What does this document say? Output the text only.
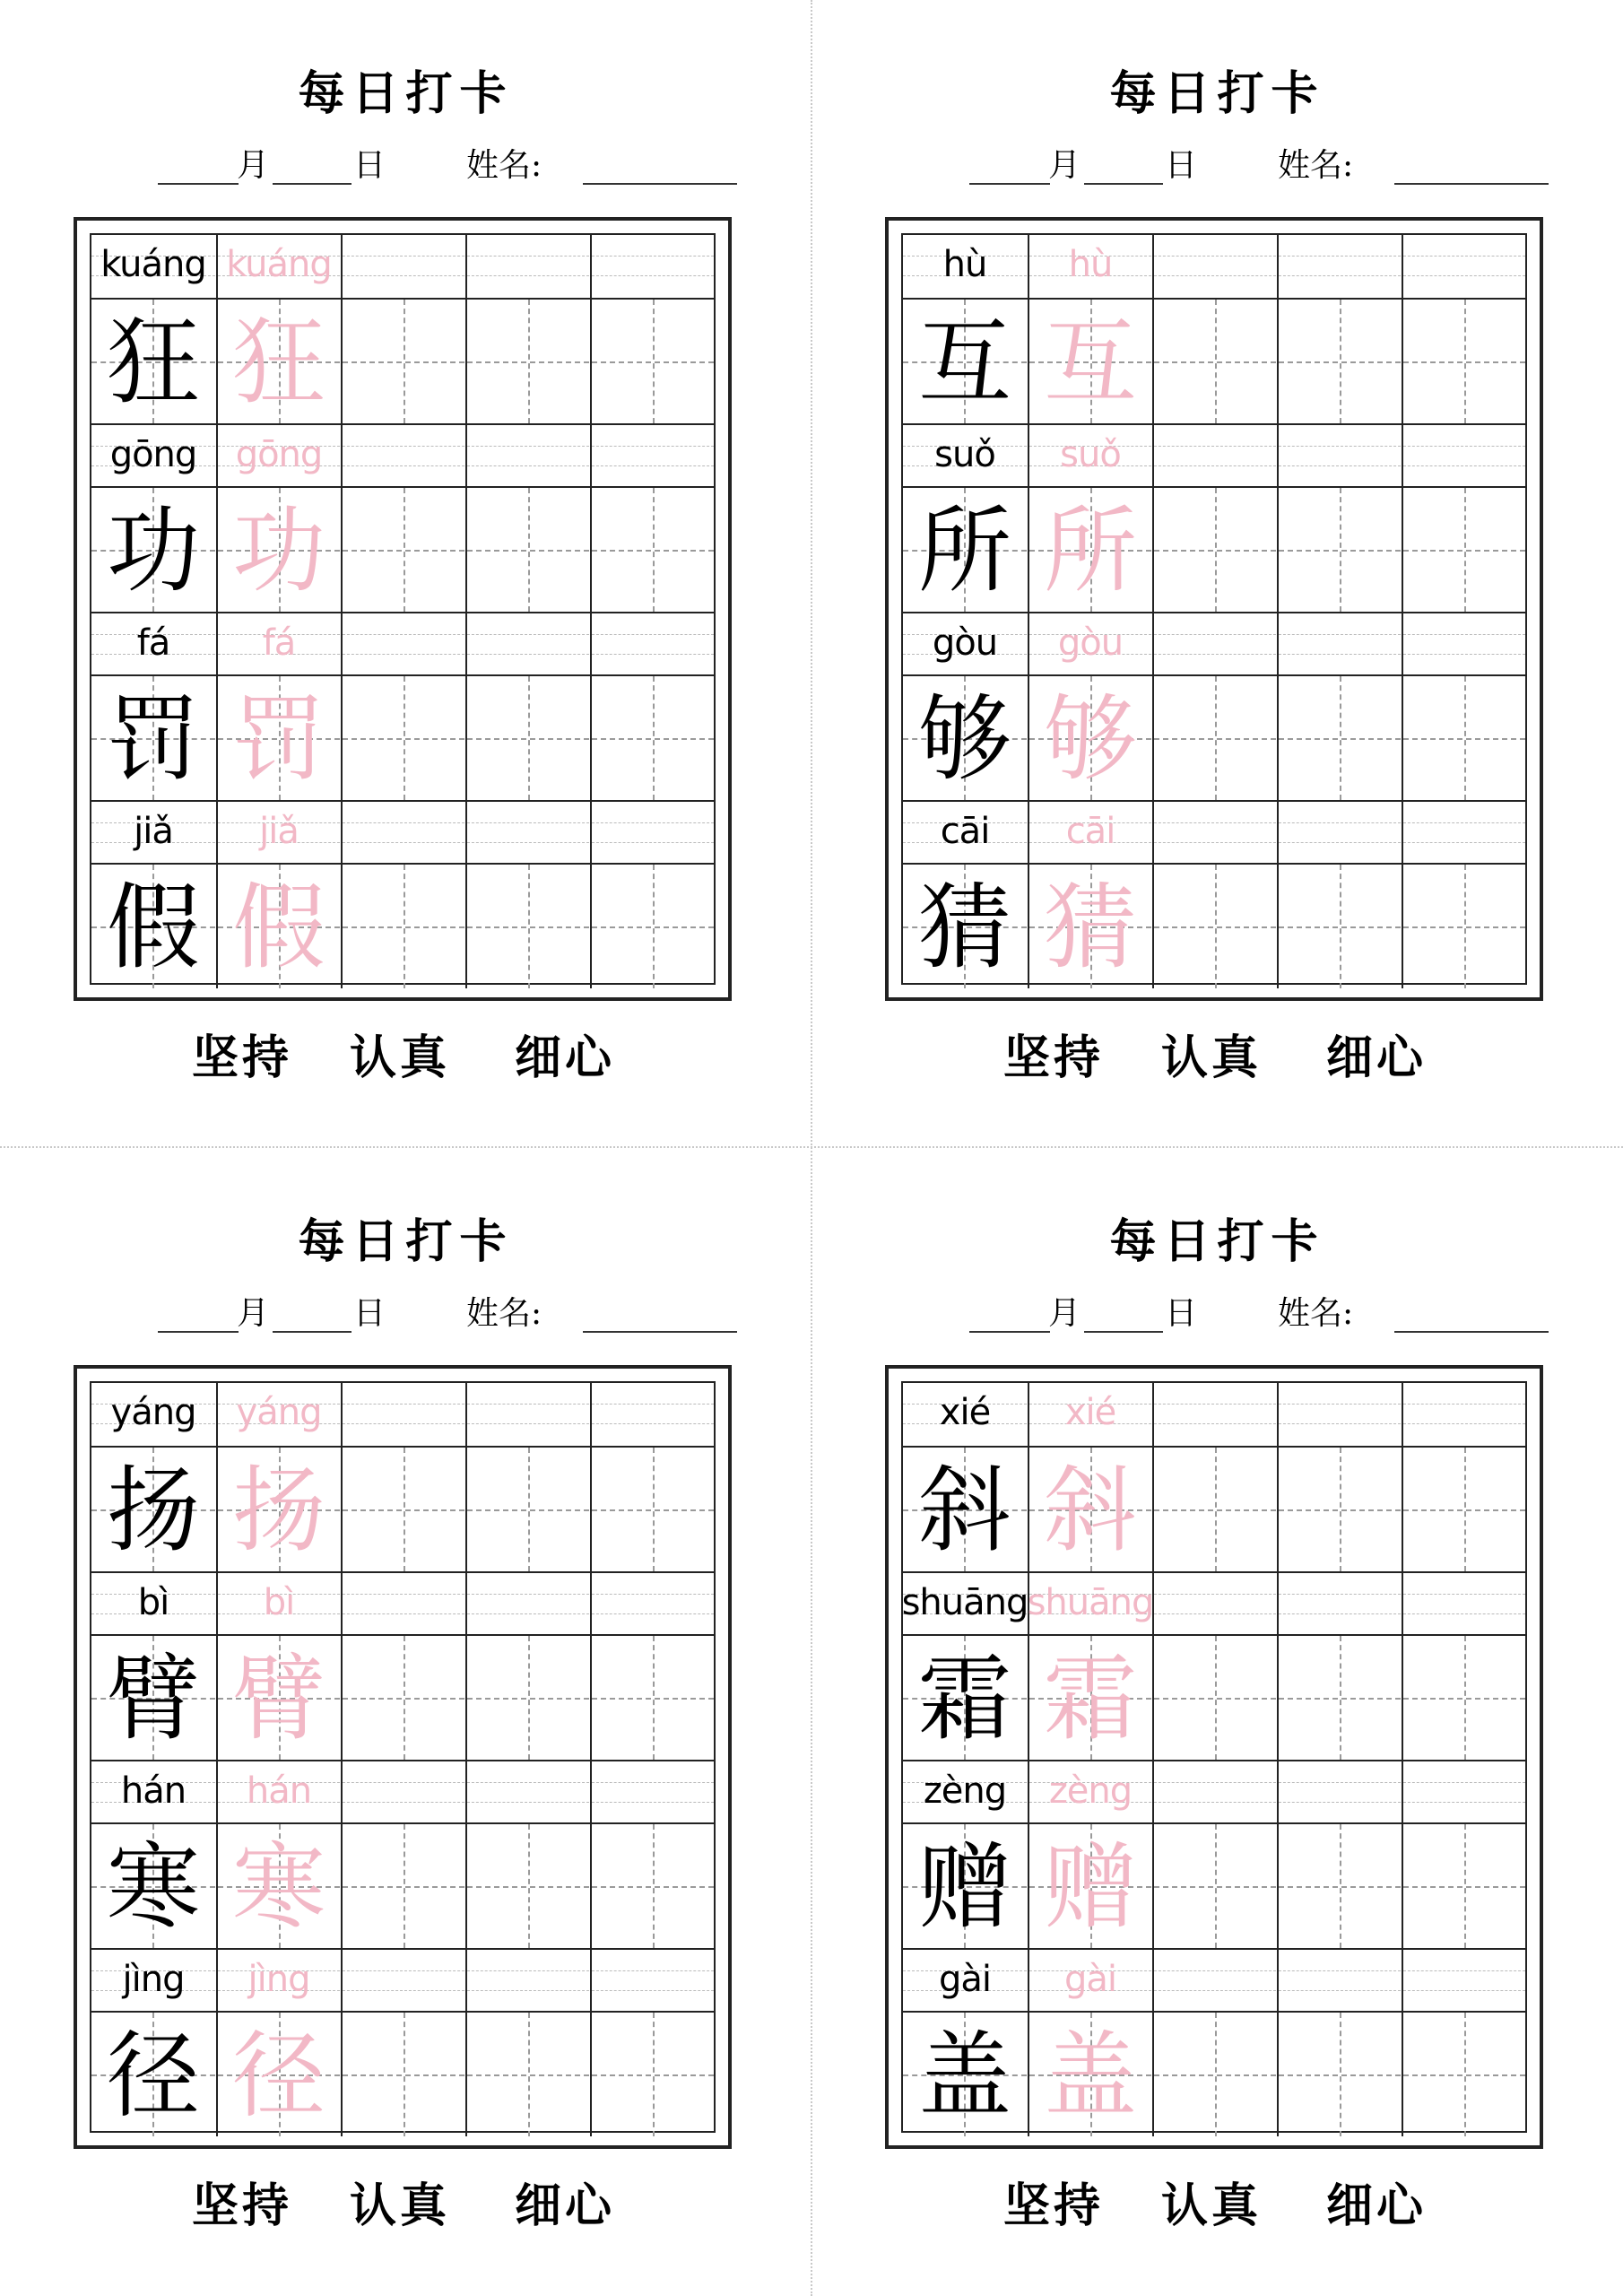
每日打卡
月	日 姓名:
kuáng kuáng
狂 狂
gōng	gōng
功 功
fá	fá
罚 罚
jiǎ	jiǎ
假 假
坚持 认真 细心
每日打卡
月	日 姓名:
hù	hù
互 互
suǒ	suǒ
所 所
gòu	gòu
够 够
cāi	cāi
猜 猜
坚持 认真 细心
每日打卡
月	日 姓名:
yáng	yáng
扬 扬
bì	bì
臂 臂
hán	hán
寒 寒
jìng	jìng
径 径
坚持 认真 细心
每日打卡
月	日 姓名:
xié	xié
斜 斜
shuāng shuāng
霜 霜
zèng	zèng
赠 赠
gài	gài
盖 盖
坚持 认真 细心
